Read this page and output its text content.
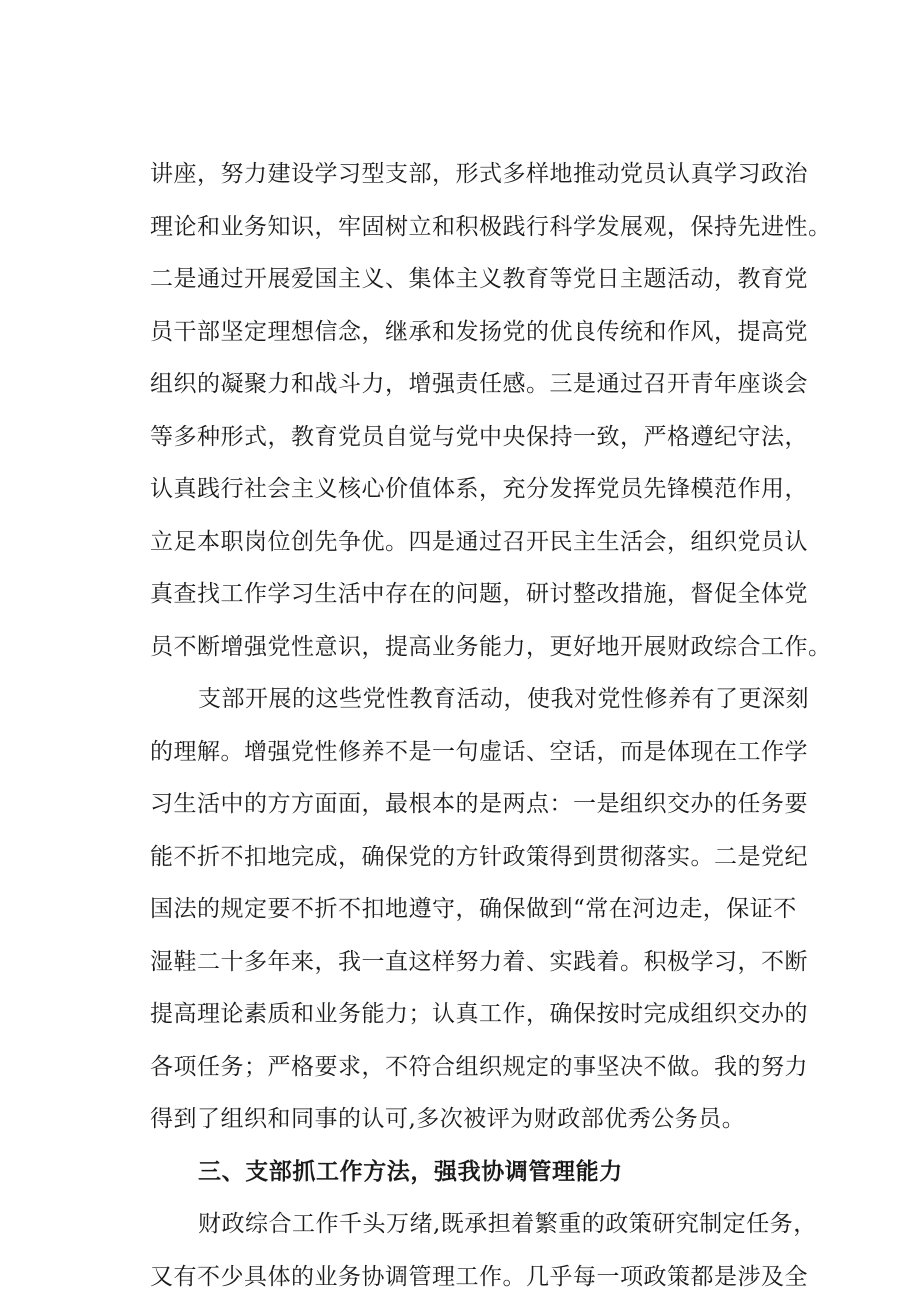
讲座，努力建设学习型支部，形式多样地推动党员认真学习政治
理论和业务知识，牢固树立和积极践行科学发展观，保持先进性。
二是通过开展爱国主义、集体主义教育等党日主题活动，教育党
员干部坚定理想信念，继承和发扬党的优良传统和作风，提高党
组织的凝聚力和战斗力，增强责任感。三是通过召开青年座谈会
等多种形式，教育党员自觉与党中央保持一致，严格遵纪守法，
认真践行社会主义核心价值体系，充分发挥党员先锋模范作用，
立足本职岗位创先争优。四是通过召开民主生活会，组织党员认
真查找工作学习生活中存在的问题，研讨整改措施，督促全体党
员不断增强党性意识，提高业务能力，更好地开展财政综合工作。
支部开展的这些党性教育活动，使我对党性修养有了更深刻
的理解。增强党性修养不是一句虚话、空话，而是体现在工作学
习生活中的方方面面，最根本的是两点：一是组织交办的任务要
能不折不扣地完成，确保党的方针政策得到贯彻落实。二是党纪
国法的规定要不折不扣地遵守，确保做到“常在河边走，保证不
湿鞋二十多年来，我一直这样努力着、实践着。积极学习，不断
提高理论素质和业务能力；认真工作，确保按时完成组织交办的
各项任务；严格要求，不符合组织规定的事坚决不做。我的努力
得到了组织和同事的认可,多次被评为财政部优秀公务员。
三、支部抓工作方法，强我协调管理能力
财政综合工作千头万绪,既承担着繁重的政策研究制定任务，
又有不少具体的业务协调管理工作。几乎每一项政策都是涉及全
